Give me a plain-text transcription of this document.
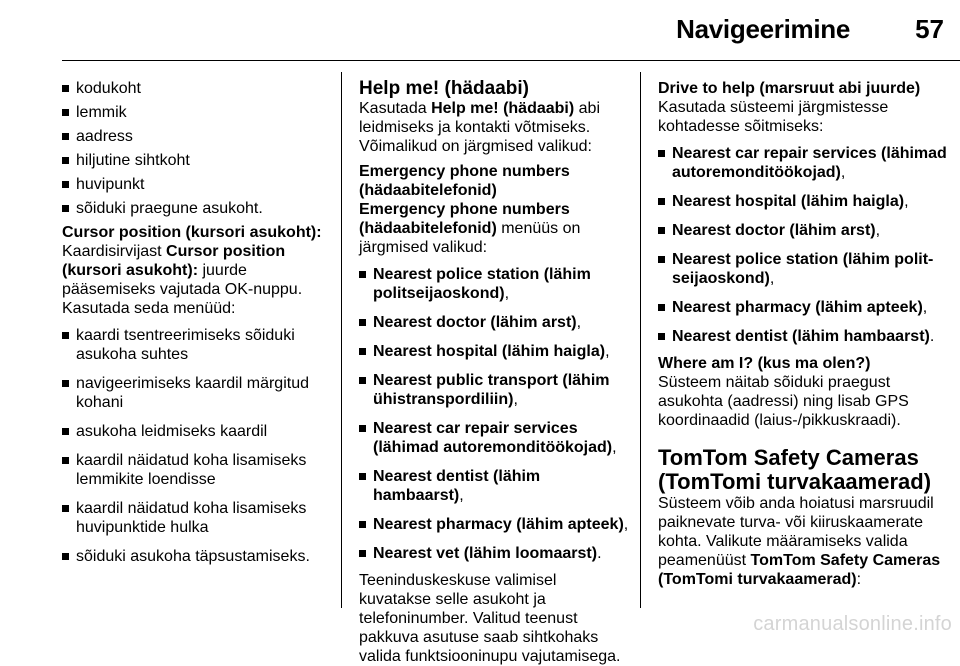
Navigeerimine	57
kodukoht
lemmik
aadress
hiljutine sihtkoht
huvipunkt
sõiduki praegune asukoht.

Cursor position (kursori asukoht):

Kaardisirvijast Cursor position (kursori asukoht): juurde pääsemiseks vajutada OK-nuppu. Kasutada seda menüüd:

kaardi tsentreerimiseks sõiduki asukoha suhtes
navigeerimiseks kaardil märgitud kohani
asukoha leidmiseks kaardil
kaardil näidatud koha lisamiseks lemmikite loendisse
kaardil näidatud koha lisamiseks huvipunktide hulka
sõiduki asukoha täpsustamiseks.

Help me! (hädaabi)

Kasutada Help me! (hädaabi) abi leidmiseks ja kontakti võtmiseks. Võimalikud on järgmised valikud:

Emergency phone numbers (hädaabitelefonid)

Emergency phone numbers (hädaabitelefonid) menüüs on järgmised valikud:

Nearest police station (lähim politseijaoskond),
Nearest doctor (lähim arst),
Nearest hospital (lähim haigla),
Nearest public transport (lähim ühistranspordiliin),
Nearest car repair services (lähimad autoremonditöökojad),
Nearest dentist (lähim hambaarst),
Nearest pharmacy (lähim apteek),
Nearest vet (lähim loomaarst).

Teeninduskeskuse valimisel kuvatakse selle asukoht ja telefoninumber. Valitud teenust pakkuva asutuse saab sihtkohaks valida funktsiooninupu vajutamisega.

Drive to help (marsruut abi juurde)

Kasutada süsteemi järgmistesse kohtadesse sõitmiseks:

Nearest car repair services (lähimad autoremonditöökojad),
Nearest hospital (lähim haigla),
Nearest doctor (lähim arst),
Nearest police station (lähim politseijaoskond),
Nearest pharmacy (lähim apteek),
Nearest dentist (lähim hambaarst).

Where am I? (kus ma olen?)

Süsteem näitab sõiduki praegust asukohta (aadressi) ning lisab GPS koordinaadid (laius-/pikkuskraadi).

TomTom Safety Cameras (TomTomi turvakaamerad)

Süsteem võib anda hoiatusi marsruudil paiknevate turva- või kiiruskaamerate kohta. Valikute määramiseks valida peamenüüst TomTom Safety Cameras (TomTomi turvakaamerad):

carmanualsonline.info
